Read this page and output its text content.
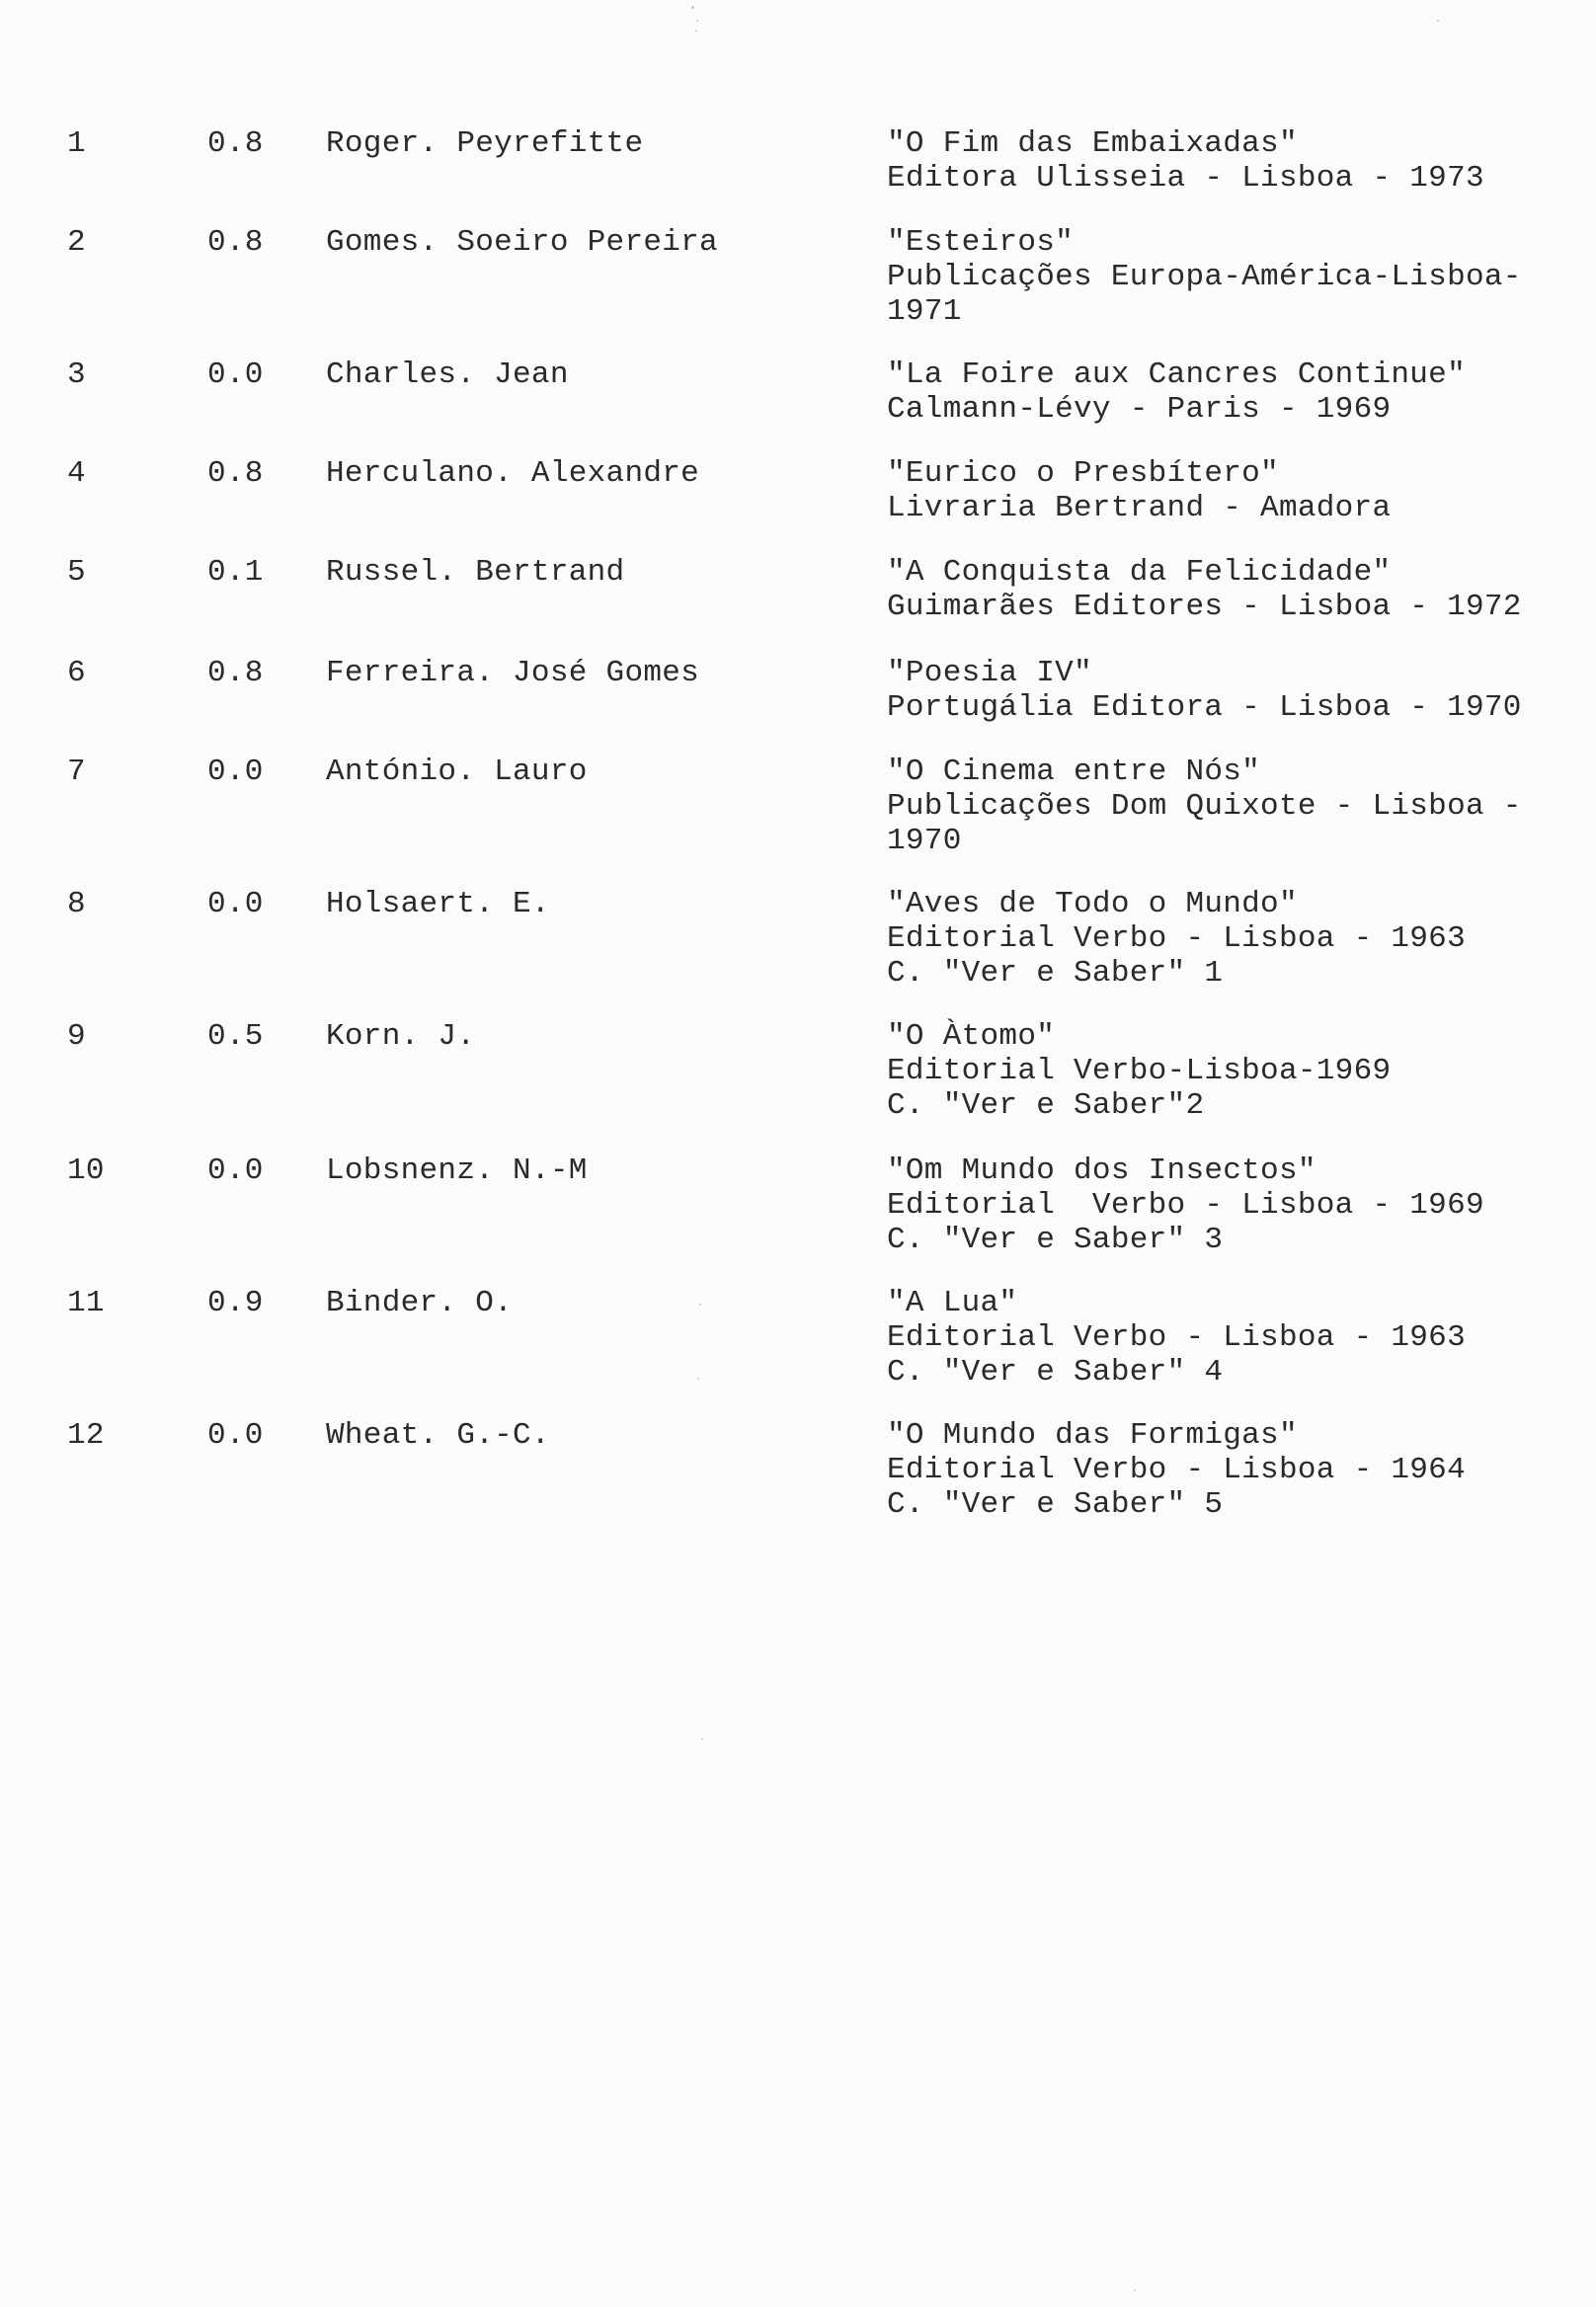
1	0.8 Roger. Peyrefitte	"O Fim das Embaixadas"
Editora Ulisseia - Lisboa - 1973
2	0.8 Gomes. Soeiro Pereira	"Esteiros"
Publicações Europa-América-Lisboa-
1971
3	0.0 Charles. Jean	"La Foire aux Cancres Continue"
Calmann-Lévy - Paris - 1969
4	0.8 Herculano. Alexandre	"Eurico o Presbítero"
Livraria Bertrand - Amadora
5	0.1 Russel. Bertrand	"A Conquista da Felicidade"
Guimarães Editores - Lisboa - 1972
6	0.8 Ferreira. José Gomes	"Poesia IV"
Portugália Editora - Lisboa - 1970
7	0.0 António. Lauro	"O Cinema entre Nós"
Publicações Dom Quixote - Lisboa -
1970
8	0.0 Holsaert. E.	"Aves de Todo o Mundo"
Editorial Verbo - Lisboa - 1963
C. "Ver e Saber" 1
9	0.5 Korn. J.	"O Àtomo"
Editorial Verbo-Lisboa-1969
C. "Ver e Saber"2
10	0.0 Lobsnenz. N.-M	"Om Mundo dos Insectos"
Editorial  Verbo - Lisboa - 1969
C. "Ver e Saber" 3
11	0.9 Binder. O.	"A Lua"
Editorial Verbo - Lisboa - 1963
C. "Ver e Saber" 4
12	0.0 Wheat. G.-C.	"O Mundo das Formigas"
Editorial Verbo - Lisboa - 1964
C. "Ver e Saber" 5
